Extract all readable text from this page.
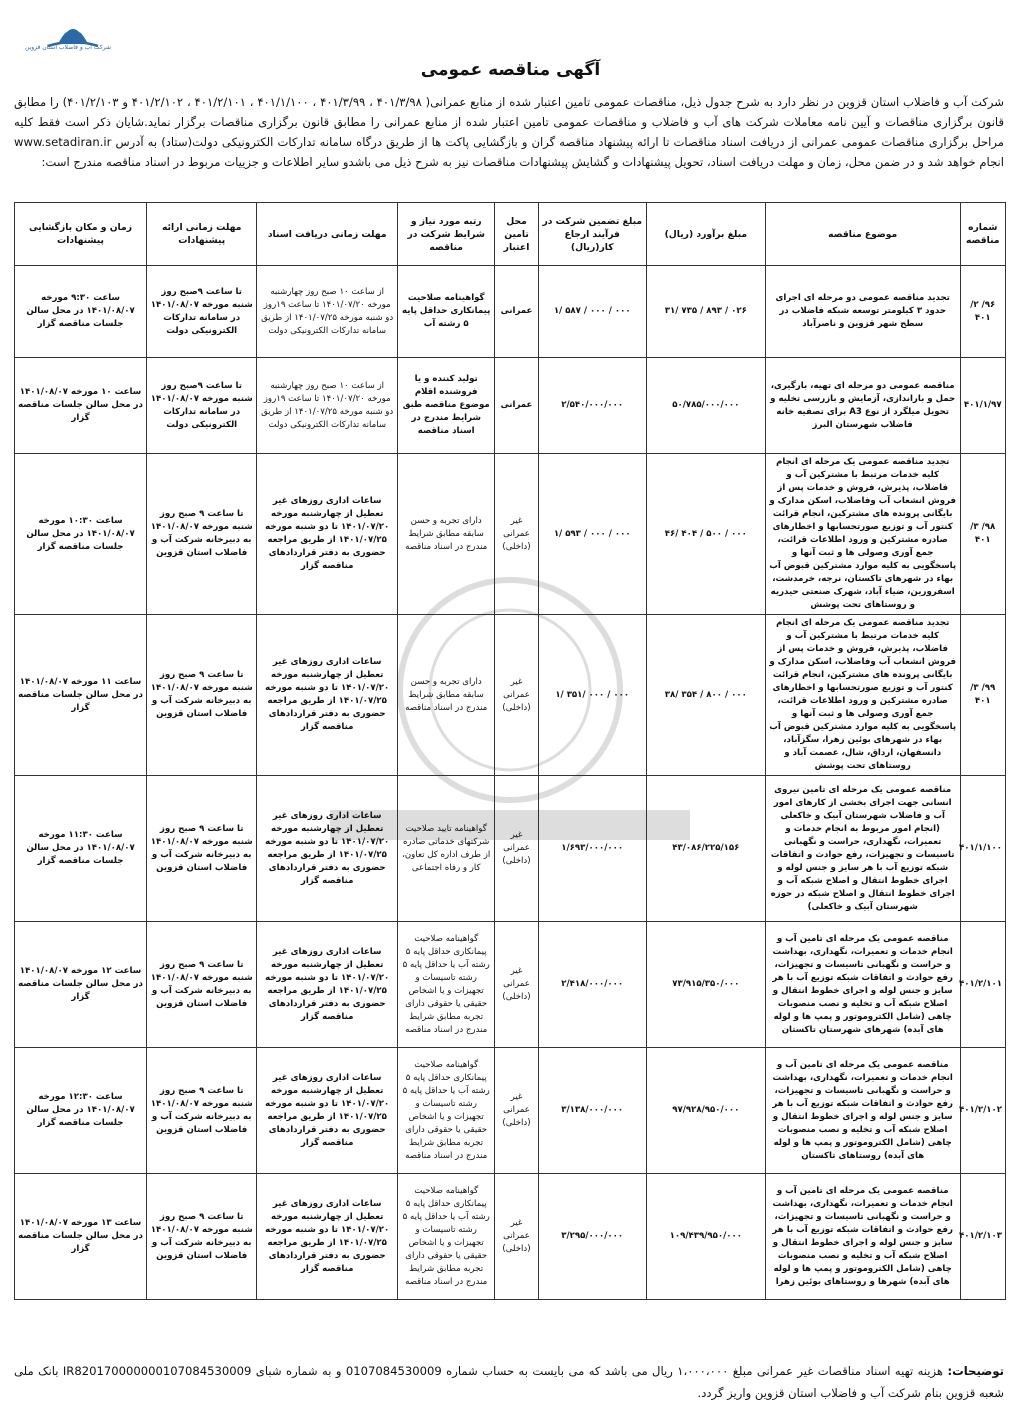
شرکت آب و فاضلاب استان قزوین
آگهی مناقصه عمومی
شرکت آب و فاضلاب استان قزوین در نظر دارد به شرح جدول ذیل، مناقصات عمومی تامین اعتبار شده از منابع عمرانی( ۴۰۱/۳/۹۸ ، ۴۰۱/۳/۹۹ ، ۴۰۱/۱/۱۰۰ ، ۴۰۱/۲/۱۰۱ ، ۴۰۱/۲/۱۰۲ و ۴۰۱/۲/۱۰۳) را مطابق قانون برگزاری مناقصات و آیین نامه معاملات شرکت های آب و فاضلاب و مناقصات عمومی تامین اعتبار شده از منابع عمرانی را مطابق قانون برگزاری مناقصات برگزار نماید.شایان ذکر است فقط کلیه مراحل برگزاری مناقصات عمومی عمرانی از دریافت اسناد مناقصات تا ارائه پیشنهاد مناقصه گران و بازگشایی پاکت ها از طریق درگاه سامانه تدارکات الکترونیکی دولت(ستاد) به آدرس www.setadiran.ir انجام خواهد شد و در ضمن محل، زمان و مهلت دریافت اسناد، تحویل پیشنهادات و گشایش پیشنهادات مناقصات نیز به شرح ذیل می باشدو سایر اطلاعات و جزییات مربوط در اسناد مناقصه مندرج است:
شماره مناقصه	موضوع مناقصه	مبلغ برآورد (ریال)	مبلغ تضمین شرکت در فرآیند ارجاع کار(ریال)	محل تامین اعتبار	رتبه مورد نیاز و شرایط شرکت در مناقصه	مهلت زمانی دریافت اسناد	مهلت زمانی ارائه پیشنهادات	زمان و مکان بازگشایی پیشنهادات
۹۶/ ۲/ ۴۰۱	تجدید مناقصه عمومی دو مرحله ای اجرای حدود ۳ کیلومتر توسعه شبکه فاضلاب در سطح شهر قزوین و ناصرآباد	۳۱/ ۷۳۵ / ۸۹۳ / ۰۲۶	۱/ ۵۸۷ / ۰۰۰ / ۰۰۰	عمرانی	گواهینامه صلاحیت پیمانکاری حداقل پایه ۵ رشته آب	از ساعت ۱۰ صبح روز چهارشنبه مورخه ۱۴۰۱/۰۷/۲۰ تا ساعت ۱۹روز دو شنبه مورخه ۱۴۰۱/۰۷/۲۵ از طریق سامانه تدارکات الکترونیکی دولت	تا ساعت ۹صبح روز شنبه مورخه ۱۴۰۱/۰۸/۰۷ در سامانه تدارکات الکترونیکی دولت	ساعت ۹:۳۰ مورخه ۱۴۰۱/۰۸/۰۷ در محل سالن جلسات مناقصه گزار
۴۰۱/۱/۹۷	مناقصه عمومی دو مرحله ای تهیه، بارگیری، حمل و باراندازی، آزمایش و بازرسی تخلیه و تحویل میلگرد از نوع A3 برای تصفیه خانه فاضلاب شهرستان البرز	۵۰/۷۸۵/۰۰۰/۰۰۰	۲/۵۴۰/۰۰۰/۰۰۰	عمرانی	تولید کننده و یا فروشنده اقلام موضوع مناقصه طبق شرایط مندرج در اسناد مناقصه	از ساعت ۱۰ صبح روز چهارشنبه مورخه ۱۴۰۱/۰۷/۲۰ تا ساعت ۱۹روز دو شنبه مورخه ۱۴۰۱/۰۷/۲۵ از طریق سامانه تدارکات الکترونیکی دولت	تا ساعت ۹صبح روز شنبه مورخه ۱۴۰۱/۰۸/۰۷ در سامانه تدارکات الکترونیکی دولت	ساعت ۱۰ مورخه ۱۴۰۱/۰۸/۰۷ در محل سالن جلسات مناقصه گزار
۹۸/ ۳/ ۴۰۱	تجدید مناقصه عمومی یک مرحله ای انجام کلیه خدمات مرتبط با مشترکین آب و فاضلاب، پذیرش، فروش و خدمات پس از فروش انشعاب آب وفاضلاب، اسکن مدارک و بایگانی پرونده های مشترکین، انجام قرائت کنتور آب و توزیع صورتحسابها و اخطارهای صادره مشترکین و ورود اطلاعات قرائت، جمع آوری وصولی ها و ثبت آنها و پاسخگویی به کلیه موارد مشترکین قبوض آب بهاء در شهرهای تاکستان، نرجه، خرمدشت، اسفرورین، ضیاء آباد، شهرک صنعتی حیدریه و روستاهای تحت پوشش	۴۶/ ۴۰۴ / ۵۰۰ / ۰۰۰	۱/ ۵۹۳ / ۰۰۰ / ۰۰۰	غیر عمرانی (داخلی)	دارای تجربه و حسن سابقه مطابق شرایط مندرج در اسناد مناقصه	ساعات اداری روزهای غیر تعطیل از چهارشنبه مورخه ۱۴۰۱/۰۷/۲۰ تا دو شنبه مورخه ۱۴۰۱/۰۷/۲۵ از طریق مراجعه حضوری به دفتر قراردادهای مناقصه گزار	تا ساعت ۹ صبح روز شنبه مورخه ۱۴۰۱/۰۸/۰۷ به دبیرخانه شرکت آب و فاضلاب استان قزوین	ساعت ۱۰:۳۰ مورخه ۱۴۰۱/۰۸/۰۷ در محل سالن جلسات مناقصه گزار
۹۹/ ۳/ ۴۰۱	تجدید مناقصه عمومی یک مرحله ای انجام کلیه خدمات مرتبط با مشترکین آب و فاضلاب، پذیرش، فروش و خدمات پس از فروش انشعاب آب وفاضلاب، اسکن مدارک و بایگانی پرونده های مشترکین، انجام قرائت کنتور آب و توزیع صورتحسابها و اخطارهای صادره مشترکین و ورود اطلاعات قرائت، جمع آوری وصولی ها و ثبت آنها و پاسخگویی به کلیه موارد مشترکین قبوض آب بهاء در شهرهای بوئین زهرا، سگزآباد، دانسفهان، ارداق، شال، عصمت آباد و روستاهای تحت پوشش	۳۸/ ۳۵۴ / ۸۰۰ / ۰۰۰	۱/ ۳۵۱/ ۰۰۰ / ۰۰۰	غیر عمرانی (داخلی)	دارای تجربه و حسن سابقه مطابق شرایط مندرج در اسناد مناقصه	ساعات اداری روزهای غیر تعطیل از چهارشنبه مورخه ۱۴۰۱/۰۷/۲۰ تا دو شنبه مورخه ۱۴۰۱/۰۷/۲۵ از طریق مراجعه حضوری به دفتر قراردادهای مناقصه گزار	تا ساعت ۹ صبح روز شنبه مورخه ۱۴۰۱/۰۸/۰۷ به دبیرخانه شرکت آب و فاضلاب استان قزوین	ساعت ۱۱ مورخه ۱۴۰۱/۰۸/۰۷ در محل سالن جلسات مناقصه گزار
۴۰۱/۱/۱۰۰	مناقصه عمومی یک مرحله ای تامین نیروی انسانی جهت اجرای بخشی از کارهای امور آب و فاضلاب شهرستان آبیک و خاکعلی (انجام امور مربوط به انجام خدمات و تعمیرات، نگهداری، حراست و نگهبانی تاسیسات و تجهیزات، رفع حوادث و اتفاقات شبکه توزیع آب با هر سایز و جنس لوله و اجرای خطوط انتقال و اصلاح شبکه آب و اجرای خطوط انتقال و اصلاح شبکه در حوزه شهرستان آبیک و خاکعلی)	۴۳/۰۸۶/۲۲۵/۱۵۶	۱/۶۹۳/۰۰۰/۰۰۰	غیر عمرانی (داخلی)	گواهینامه تایید صلاحیت شرکتهای خدماتی صادره از طرف اداره کل تعاون، کار و رفاه اجتماعی	ساعات اداری روزهای غیر تعطیل از چهارشنبه مورخه ۱۴۰۱/۰۷/۲۰ تا دو شنبه مورخه ۱۴۰۱/۰۷/۲۵ از طریق مراجعه حضوری به دفتر قراردادهای مناقصه گزار	تا ساعت ۹ صبح روز شنبه مورخه ۱۴۰۱/۰۸/۰۷ به دبیرخانه شرکت آب و فاضلاب استان قزوین	ساعت ۱۱:۳۰ مورخه ۱۴۰۱/۰۸/۰۷ در محل سالن جلسات مناقصه گزار
۴۰۱/۲/۱۰۱	مناقصه عمومی یک مرحله ای تامین آب و انجام خدمات و تعمیرات، نگهداری، بهداشت و حراست و نگهبانی تاسیسات و تجهیزات، رفع حوادث و اتفاقات شبکه توزیع آب با هر سایز و جنس لوله و اجرای خطوط انتقال و اصلاح شبکه آب و تخلیه و نصب منصوبات چاهی (شامل الکتروموتور و پمپ ها و لوله های آبده) شهرهای شهرستان تاکستان	۷۳/۹۱۵/۳۵۰/۰۰۰	۲/۴۱۸/۰۰۰/۰۰۰	غیر عمرانی (داخلی)	گواهینامه صلاحیت پیمانکاری حداقل پایه ۵ رشته آب یا حداقل پایه ۵ رشته تاسیسات و تجهیزات و یا اشخاص حقیقی یا حقوقی دارای تجربه مطابق شرایط مندرج در اسناد مناقصه	ساعات اداری روزهای غیر تعطیل از چهارشنبه مورخه ۱۴۰۱/۰۷/۲۰ تا دو شنبه مورخه ۱۴۰۱/۰۷/۲۵ از طریق مراجعه حضوری به دفتر قراردادهای مناقصه گزار	تا ساعت ۹ صبح روز شنبه مورخه ۱۴۰۱/۰۸/۰۷ به دبیرخانه شرکت آب و فاضلاب استان قزوین	ساعت ۱۲ مورخه ۱۴۰۱/۰۸/۰۷ در محل سالن جلسات مناقصه گزار
۴۰۱/۲/۱۰۲	مناقصه عمومی یک مرحله ای تامین آب و انجام خدمات و تعمیرات، نگهداری، بهداشت و حراست و نگهبانی تاسیسات و تجهیزات، رفع حوادث و اتفاقات شبکه توزیع آب با هر سایز و جنس لوله و اجرای خطوط انتقال و اصلاح شبکه آب و تخلیه و نصب منصوبات چاهی (شامل الکتروموتور و پمپ ها و لوله های آبده) روستاهای تاکستان	۹۷/۹۲۸/۹۵۰/۰۰۰	۳/۱۳۸/۰۰۰/۰۰۰	غیر عمرانی (داخلی)	گواهینامه صلاحیت پیمانکاری حداقل پایه ۵ رشته آب یا حداقل پایه ۵ رشته تاسیسات و تجهیزات و یا اشخاص حقیقی یا حقوقی دارای تجربه مطابق شرایط مندرج در اسناد مناقصه	ساعات اداری روزهای غیر تعطیل از چهارشنبه مورخه ۱۴۰۱/۰۷/۲۰ تا دو شنبه مورخه ۱۴۰۱/۰۷/۲۵ از طریق مراجعه حضوری به دفتر قراردادهای مناقصه گزار	تا ساعت ۹ صبح روز شنبه مورخه ۱۴۰۱/۰۸/۰۷ به دبیرخانه شرکت آب و فاضلاب استان قزوین	ساعت ۱۲:۳۰ مورخه ۱۴۰۱/۰۸/۰۷ در محل سالن جلسات مناقصه گزار
۴۰۱/۲/۱۰۳	مناقصه عمومی یک مرحله ای تامین آب و انجام خدمات و تعمیرات، نگهداری، بهداشت و حراست و نگهبانی تاسیسات و تجهیزات، رفع حوادث و اتفاقات شبکه توزیع آب با هر سایز و جنس لوله و اجرای خطوط انتقال و اصلاح شبکه آب و تخلیه و نصب منصوبات چاهی (شامل الکتروموتور و پمپ ها و لوله های آبده) شهرها و روستاهای بوئین زهرا	۱۰۹/۴۳۹/۹۵۰/۰۰۰	۳/۲۹۵/۰۰۰/۰۰۰	غیر عمرانی (داخلی)	گواهینامه صلاحیت پیمانکاری حداقل پایه ۵ رشته آب یا حداقل پایه ۵ رشته تاسیسات و تجهیزات و یا اشخاص حقیقی یا حقوقی دارای تجربه مطابق شرایط مندرج در اسناد مناقصه	ساعات اداری روزهای غیر تعطیل از چهارشنبه مورخه ۱۴۰۱/۰۷/۲۰ تا دو شنبه مورخه ۱۴۰۱/۰۷/۲۵ از طریق مراجعه حضوری به دفتر قراردادهای مناقصه گزار	تا ساعت ۹ صبح روز شنبه مورخه ۱۴۰۱/۰۸/۰۷ به دبیرخانه شرکت آب و فاضلاب استان قزوین	ساعت ۱۳ مورخه ۱۴۰۱/۰۸/۰۷ در محل سالن جلسات مناقصه گزار
توضیحات: هزینه تهیه اسناد مناقصات غیر عمرانی مبلغ ۱،۰۰۰،۰۰۰ ریال می باشد که می بایست به حساب شماره 0107084530009 و به شماره شبای IR820170000000107084530009 بانک ملی شعبه قزوین بنام شرکت آب و فاضلاب استان قزوین واریز گردد.
